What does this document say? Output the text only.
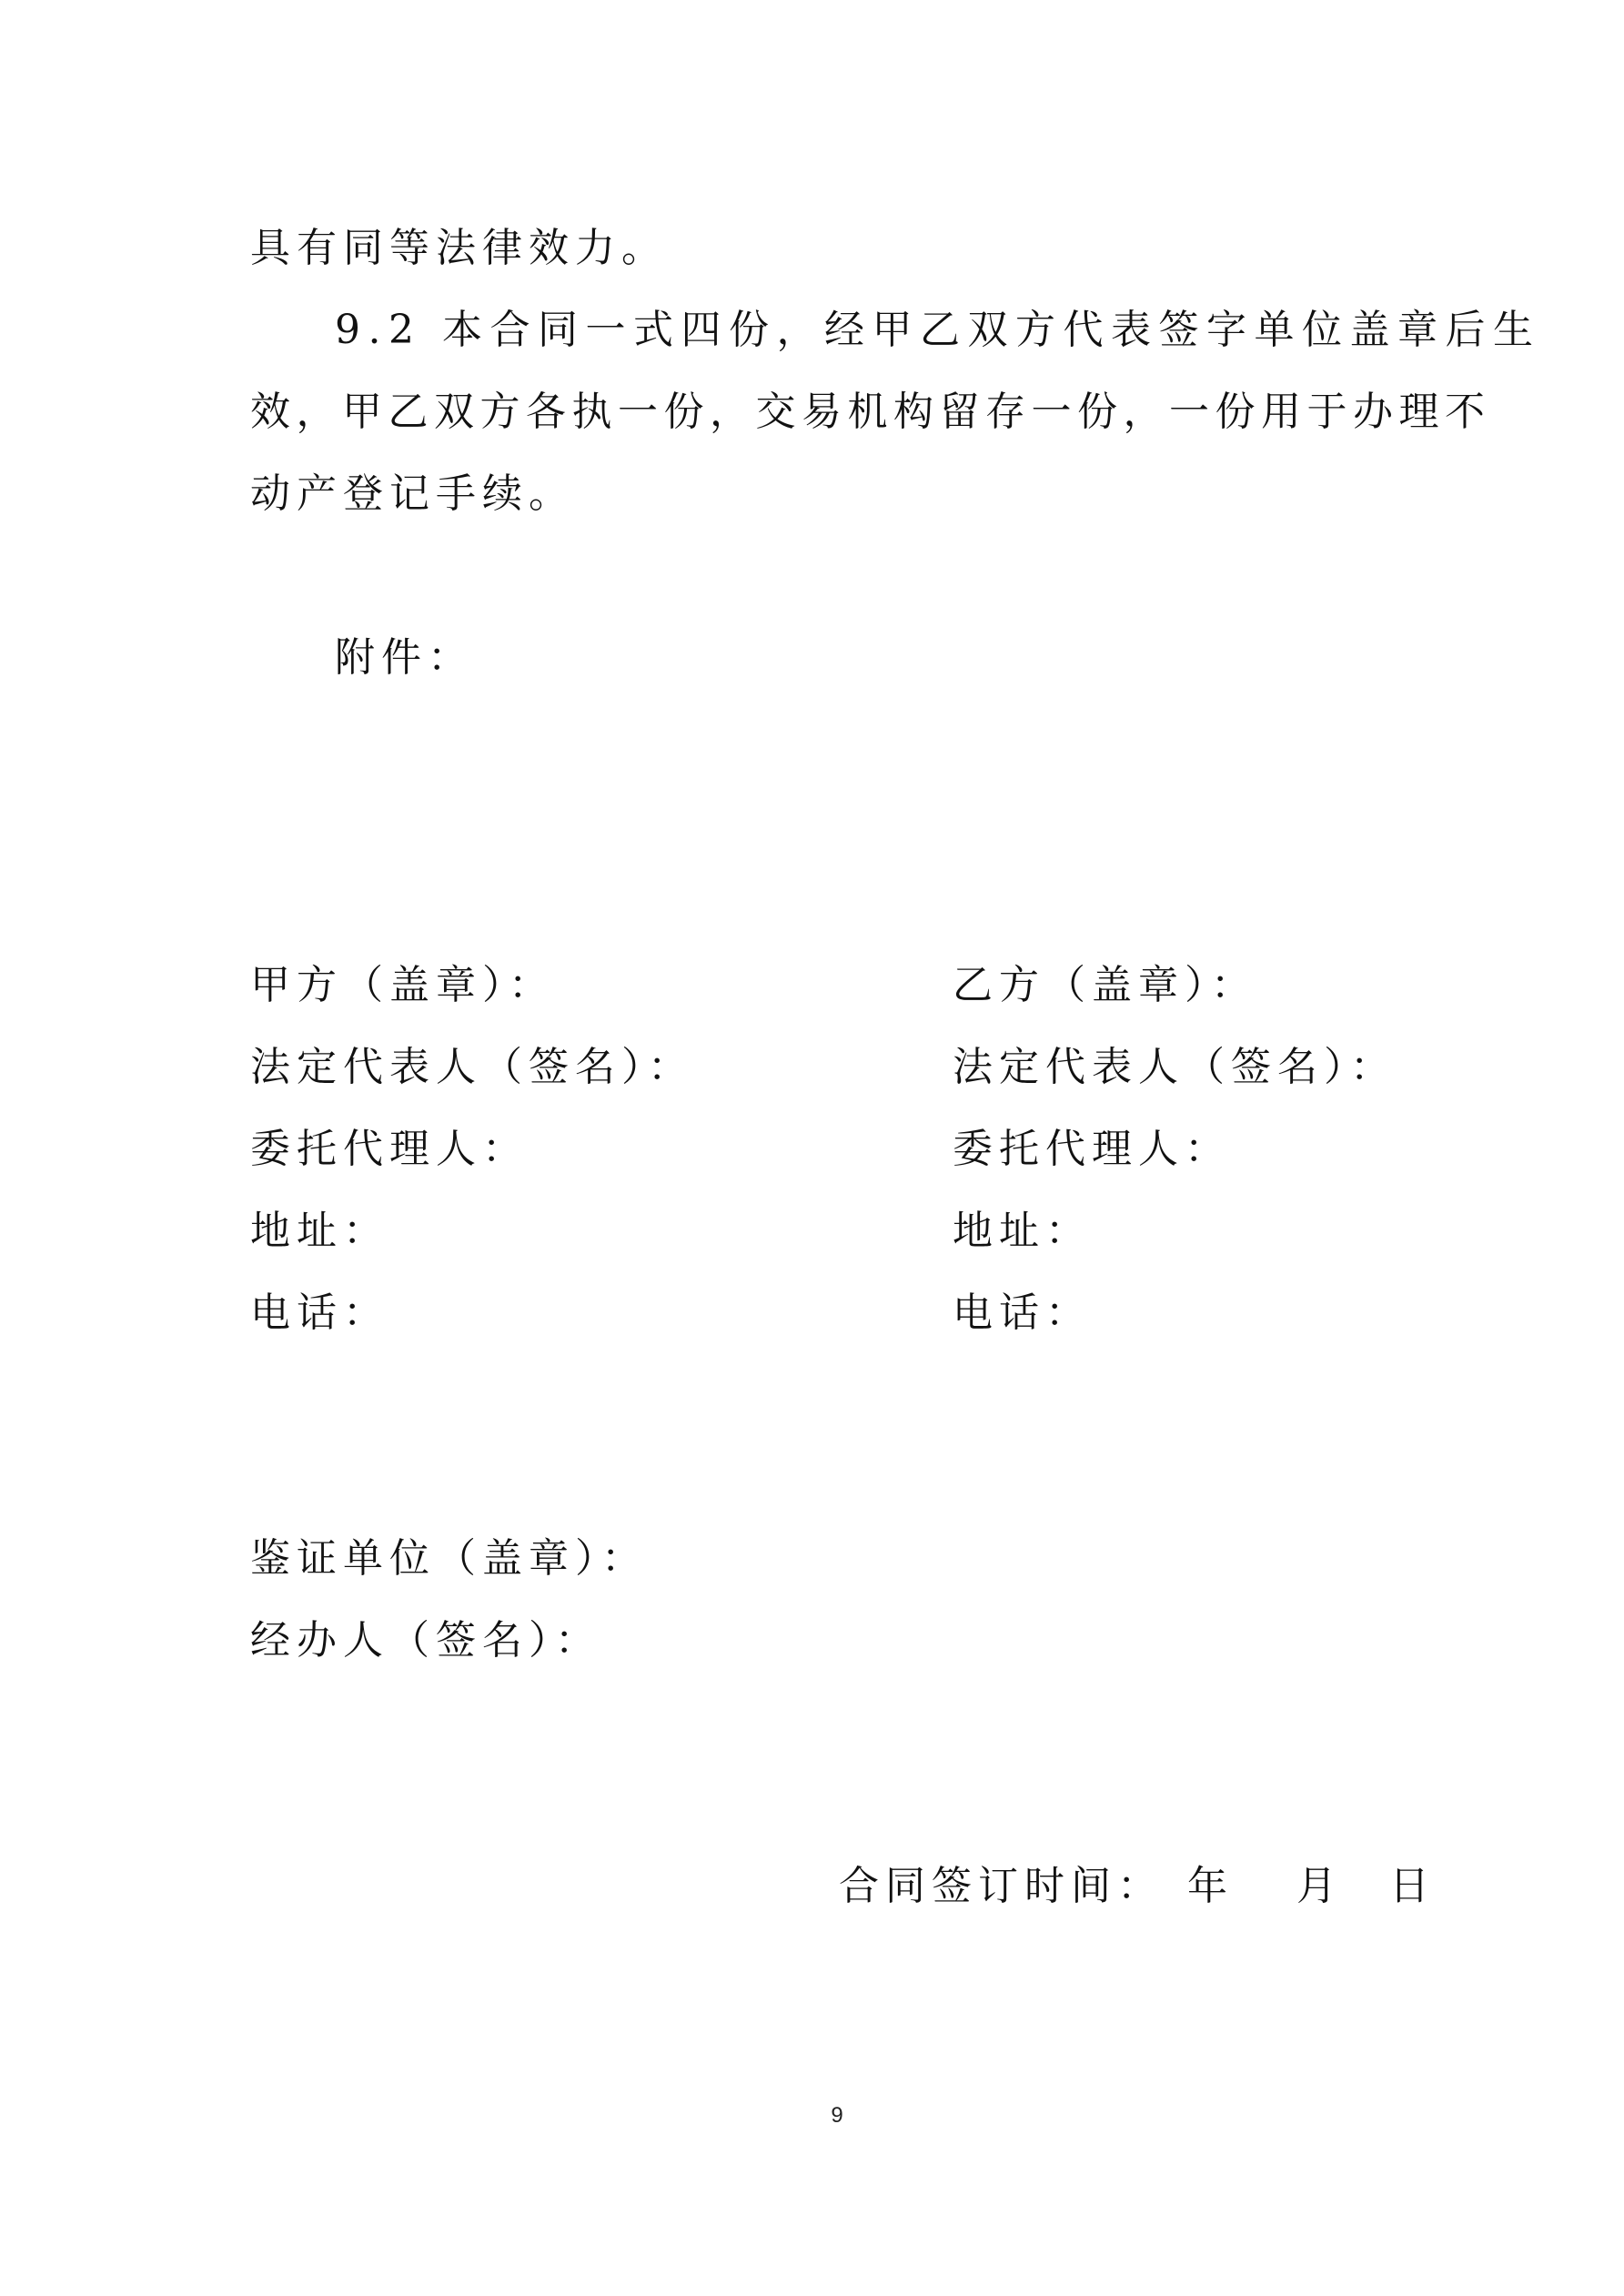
具有同等法律效力。
9.2 本合同一式四份，经甲乙双方代表签字单位盖章后生
效，甲乙双方各执一份，交易机构留存一份，一份用于办理不
动产登记手续。
附件：
甲方（盖章）：
法定代表人（签名）：
委托代理人：
地址：
电话：
乙方（盖章）：
法定代表人（签名）：
委托代理人：
地址：
电话：
鉴证单位（盖章）：
经办人（签名）：
合同签订时间： 年 月 日
9
